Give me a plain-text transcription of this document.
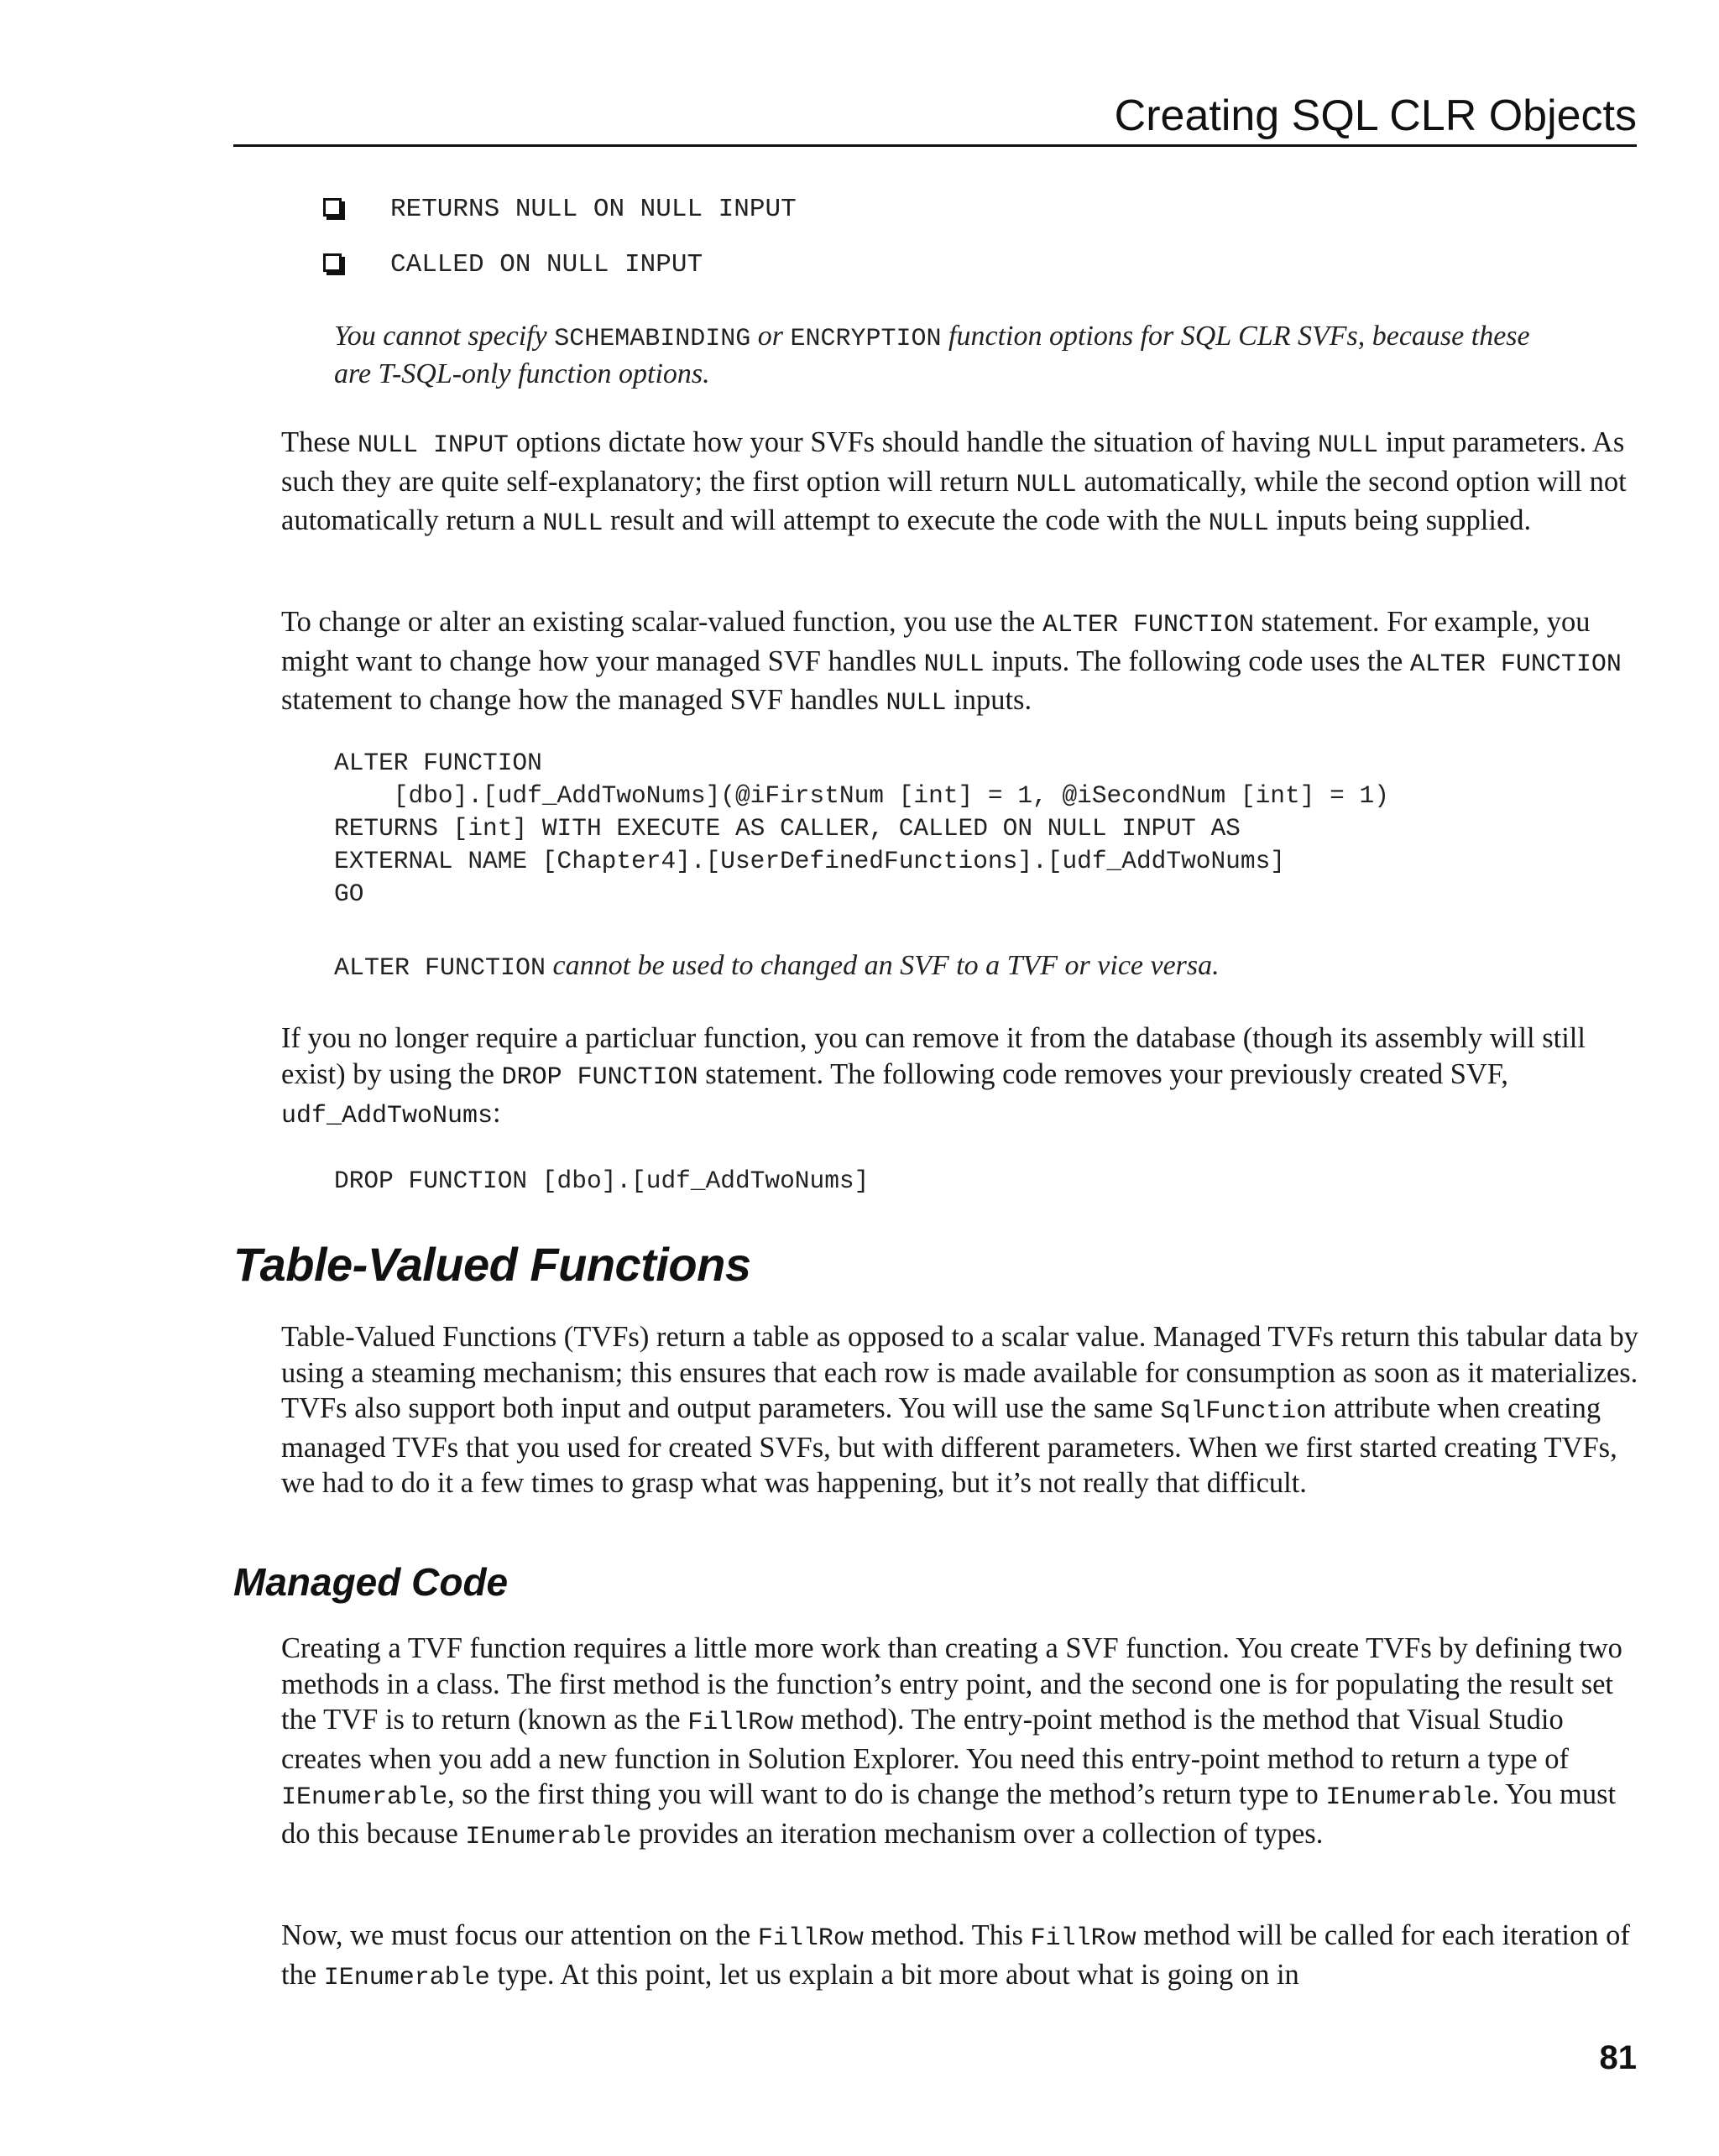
Creating SQL CLR Objects
RETURNS NULL ON NULL INPUT
CALLED ON NULL INPUT
You cannot specify SCHEMABINDING or ENCRYPTION function options for SQL CLR SVFs, because these are T-SQL-only function options.
These NULL INPUT options dictate how your SVFs should handle the situation of having NULL input parameters. As such they are quite self-explanatory; the first option will return NULL automatically, while the second option will not automatically return a NULL result and will attempt to execute the code with the NULL inputs being supplied.
To change or alter an existing scalar-valued function, you use the ALTER FUNCTION statement. For example, you might want to change how your managed SVF handles NULL inputs. The following code uses the ALTER FUNCTION statement to change how the managed SVF handles NULL inputs.
ALTER FUNCTION
[dbo].[udf_AddTwoNums](@iFirstNum [int] = 1, @iSecondNum [int] = 1)
RETURNS [int] WITH EXECUTE AS CALLER, CALLED ON NULL INPUT AS
EXTERNAL NAME [Chapter4].[UserDefinedFunctions].[udf_AddTwoNums]
GO
ALTER FUNCTION cannot be used to changed an SVF to a TVF or vice versa.
If you no longer require a particluar function, you can remove it from the database (though its assembly will still exist) by using the DROP FUNCTION statement. The following code removes your previously created SVF, udf_AddTwoNums:
DROP FUNCTION [dbo].[udf_AddTwoNums]
Table-Valued Functions
Table-Valued Functions (TVFs) return a table as opposed to a scalar value. Managed TVFs return this tabular data by using a steaming mechanism; this ensures that each row is made available for consumption as soon as it materializes. TVFs also support both input and output parameters. You will use the same SqlFunction attribute when creating managed TVFs that you used for created SVFs, but with different parameters. When we first started creating TVFs, we had to do it a few times to grasp what was happening, but it’s not really that difficult.
Managed Code
Creating a TVF function requires a little more work than creating a SVF function. You create TVFs by defining two methods in a class. The first method is the function’s entry point, and the second one is for populating the result set the TVF is to return (known as the FillRow method). The entry-point method is the method that Visual Studio creates when you add a new function in Solution Explorer. You need this entry-point method to return a type of IEnumerable, so the first thing you will want to do is change the method’s return type to IEnumerable. You must do this because IEnumerable provides an iteration mechanism over a collection of types.
Now, we must focus our attention on the FillRow method. This FillRow method will be called for each iteration of the IEnumerable type. At this point, let us explain a bit more about what is going on in
81
